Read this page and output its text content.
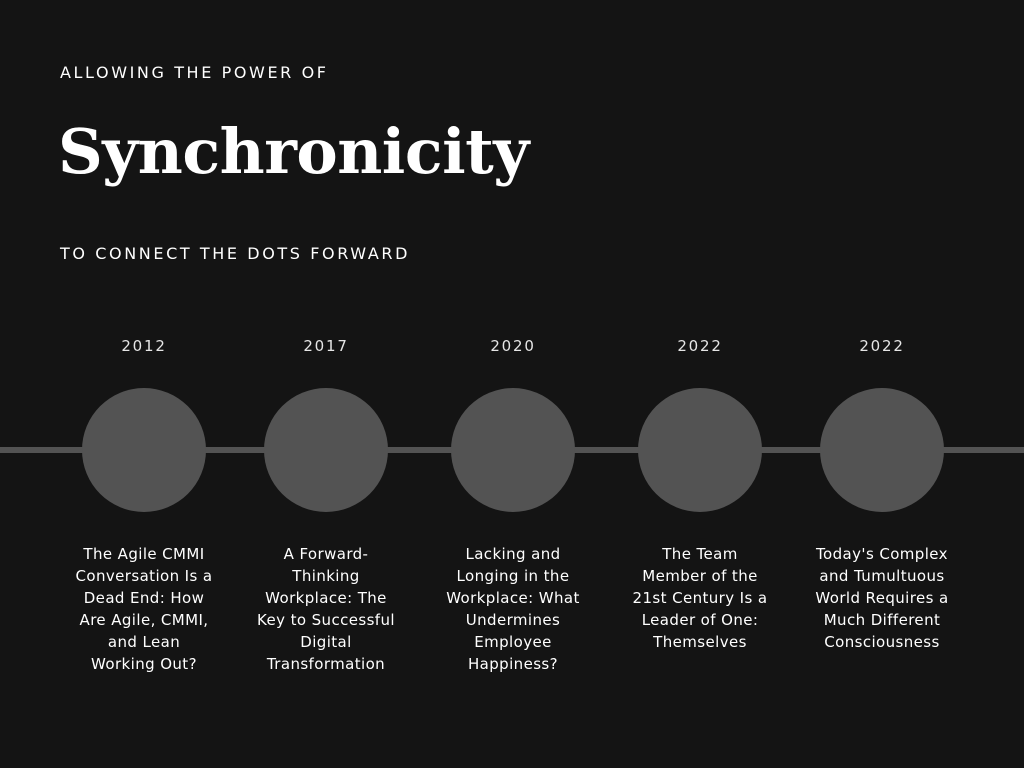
ALLOWING THE POWER OF
Synchronicity
TO CONNECT THE DOTS FORWARD
2012
The Agile CMMI Conversation Is a Dead End: How Are Agile, CMMI, and Lean Working Out?
2017
A Forward-Thinking Workplace: The Key to Successful Digital Transformation
2020
Lacking and Longing in the Workplace: What Undermines Employee Happiness?
2022
The Team Member of the 21st Century Is a Leader of One: Themselves
2022
Today's Complex and Tumultuous World Requires a Much Different Consciousness
